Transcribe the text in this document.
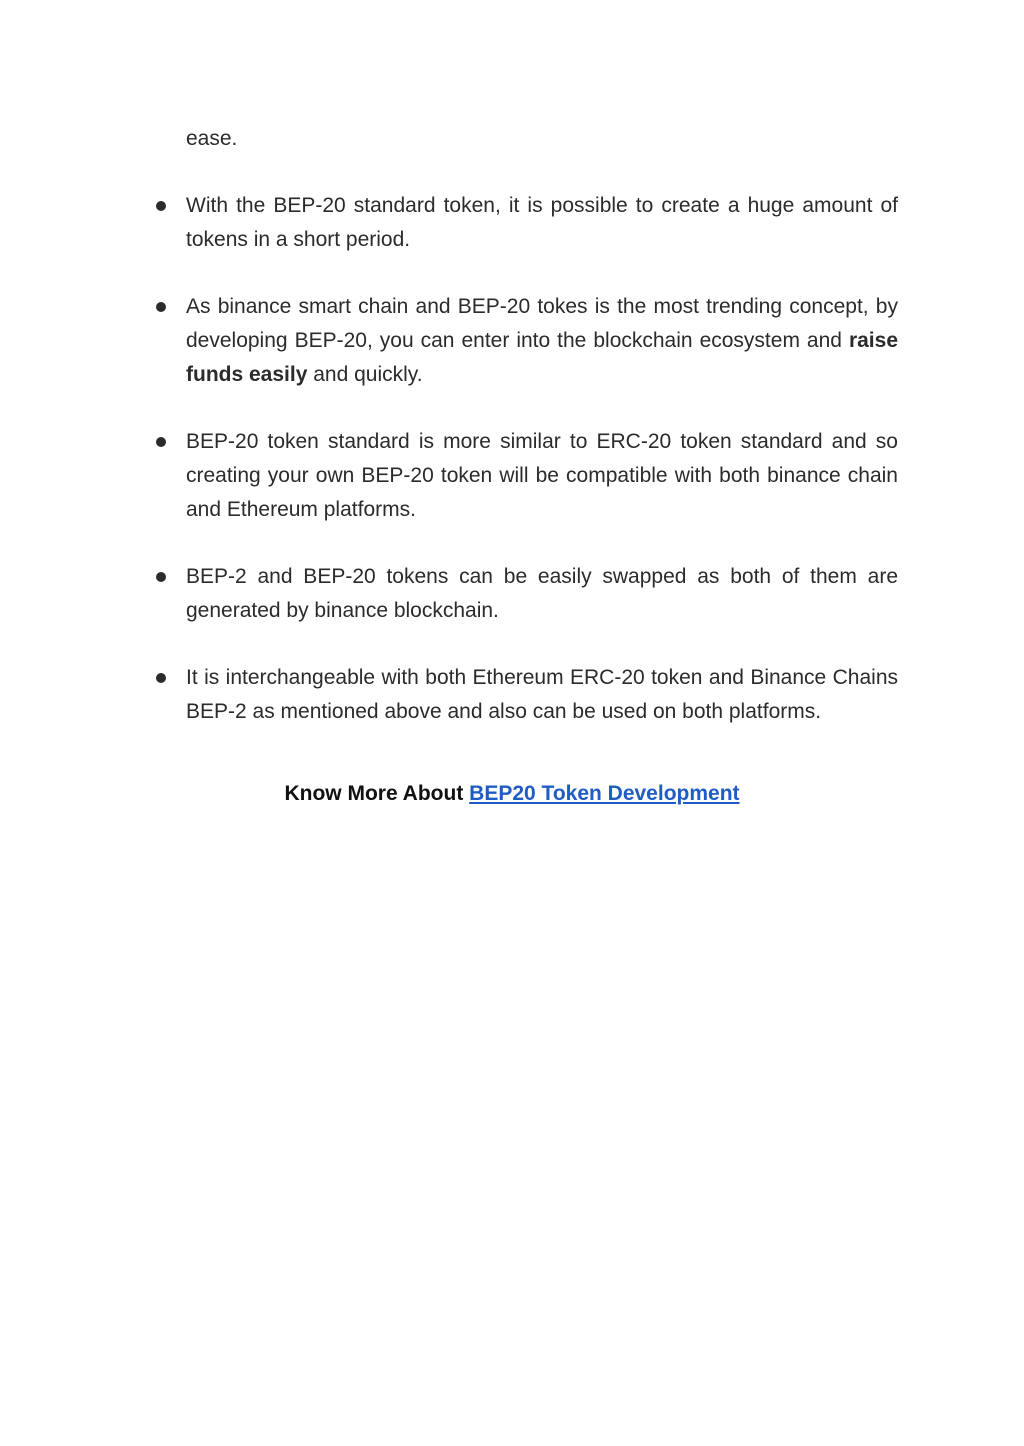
ease.

With the BEP-20 standard token, it is possible to create a huge amount of tokens in a short period.
As binance smart chain and BEP-20 tokes is the most trending concept, by developing BEP-20, you can enter into the blockchain ecosystem and raise funds easily and quickly.
BEP-20 token standard is more similar to ERC-20 token standard and so creating your own BEP-20 token will be compatible with both binance chain and Ethereum platforms.
BEP-2 and BEP-20 tokens can be easily swapped as both of them are generated by binance blockchain.
It is interchangeable with both Ethereum ERC-20 token and Binance Chains BEP-2 as mentioned above and also can be used on both platforms.
Know More About BEP20 Token Development
